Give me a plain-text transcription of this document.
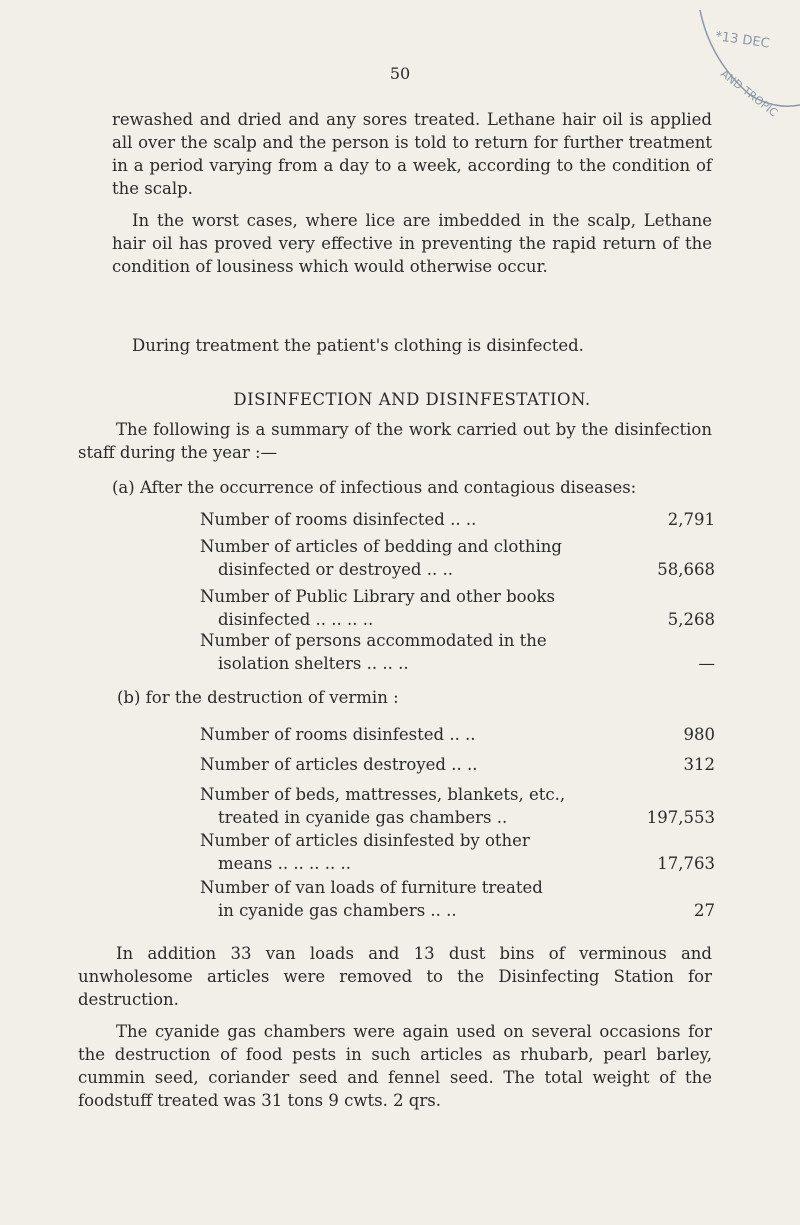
50
*13 DEC
AND TROPIC

rewashed and dried and any sores treated. Lethane hair oil is applied all over the scalp and the person is told to return for further treatment in a period varying from a day to a week, according to the condition of the scalp.

In the worst cases, where lice are imbedded in the scalp, Lethane hair oil has proved very effective in preventing the rapid return of the condition of lousiness which would otherwise occur.

During treatment the patient's clothing is disinfected.

DISINFECTION AND DISINFESTATION.

The following is a summary of the work carried out by the disinfection staff during the year :—

(a) After the occurrence of infectious and contagious diseases:
Number of rooms disinfected .. ..	2,791
Number of articles of bedding and clothing
disinfected or destroyed .. ..	58,668
Number of Public Library and other books
disinfected .. .. .. ..	5,268
Number of persons accommodated in the
isolation shelters .. .. ..	—
(b) for the destruction of vermin :
Number of rooms disinfested .. ..	980
Number of articles destroyed .. ..	312
Number of beds, mattresses, blankets, etc.,
treated in cyanide gas chambers ..	197,553
Number of articles disinfested by other
means .. .. .. .. ..	17,763
Number of van loads of furniture treated
in cyanide gas chambers .. ..	27

In addition 33 van loads and 13 dust bins of verminous and unwholesome articles were removed to the Disinfecting Station for destruction.

The cyanide gas chambers were again used on several occasions for the destruction of food pests in such articles as rhubarb, pearl barley, cummin seed, coriander seed and fennel seed. The total weight of the foodstuff treated was 31 tons 9 cwts. 2 qrs.
